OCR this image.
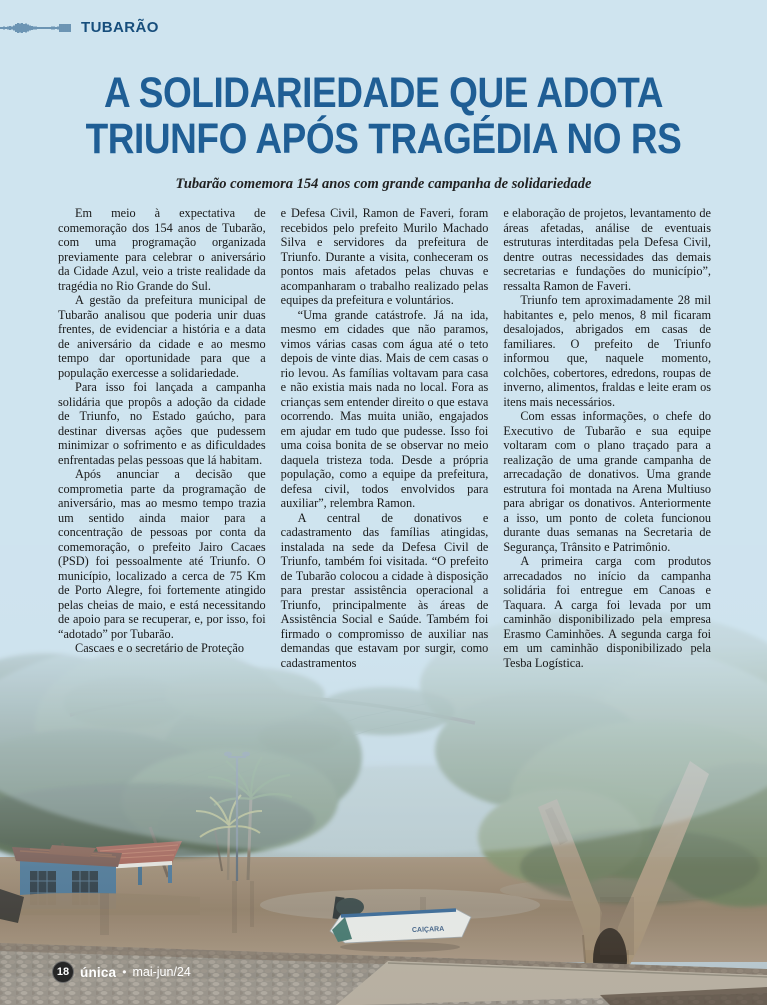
TUBARÃO
A SOLIDARIEDADE QUE ADOTA
TRIUNFO APÓS TRAGÉDIA NO RS
Tubarão comemora 154 anos com grande campanha de solidariedade

Em meio à expectativa de comemoração dos 154 anos de Tubarão, com uma programação organizada previamente para celebrar o aniversário da Cidade Azul, veio a triste realidade da tragédia no Rio Grande do Sul.

A gestão da prefeitura municipal de Tubarão analisou que poderia unir duas frentes, de evidenciar a história e a data de aniversário da cidade e ao mesmo tempo dar oportunidade para que a população exercesse a solidariedade.

Para isso foi lançada a campanha solidária que propôs a adoção da cidade de Triunfo, no Estado gaúcho, para destinar diversas ações que pudessem minimizar o sofrimento e as dificuldades enfrentadas pelas pessoas que lá habitam.

Após anunciar a decisão que comprometia parte da programação de aniversário, mas ao mesmo tempo trazia um sentido ainda maior para a concentração de pessoas por conta da comemoração, o prefeito Jairo Cacaes (PSD) foi pessoalmente até Triunfo. O município, localizado a cerca de 75 Km de Porto Alegre, foi fortemente atingido pelas cheias de maio, e está necessitando de apoio para se recuperar, e, por isso, foi “adotado” por Tubarão.

Cascaes e o secretário de Proteção

e Defesa Civil, Ramon de Faveri, foram recebidos pelo prefeito Murilo Machado Silva e servidores da prefeitura de Triunfo. Durante a visita, conheceram os pontos mais afetados pelas chuvas e acompanharam o trabalho realizado pelas equipes da prefeitura e voluntários.

“Uma grande catástrofe. Já na ida, mesmo em cidades que não paramos, vimos várias casas com água até o teto depois de vinte dias. Mais de cem casas o rio levou. As famílias voltavam para casa e não existia mais nada no local. Fora as crianças sem entender direito o que estava ocorrendo. Mas muita união, engajados em ajudar em tudo que pudesse. Isso foi uma coisa bonita de se observar no meio daquela tristeza toda. Desde a própria população, como a equipe da prefeitura, defesa civil, todos envolvidos para auxiliar”, relembra Ramon.

A central de donativos e cadastramento das famílias atingidas, instalada na sede da Defesa Civil de Triunfo, também foi visitada. “O prefeito de Tubarão colocou a cidade à disposição para prestar assistência operacional a Triunfo, principalmente às áreas de Assistência Social e Saúde. Também foi firmado o compromisso de auxiliar nas demandas que estavam por surgir, como cadastramentos

e elaboração de projetos, levantamento de áreas afetadas, análise de eventuais estruturas interditadas pela Defesa Civil, dentre outras necessidades das demais secretarias e fundações do município”, ressalta Ramon de Faveri.

Triunfo tem aproximadamente 28 mil habitantes e, pelo menos, 8 mil ficaram desalojados, abrigados em casas de familiares. O prefeito de Triunfo informou que, naquele momento, colchões, cobertores, edredons, roupas de inverno, alimentos, fraldas e leite eram os itens mais necessários.

Com essas informações, o chefe do Executivo de Tubarão e sua equipe voltaram com o plano traçado para a realização de uma grande campanha de arrecadação de donativos. Uma grande estrutura foi montada na Arena Multiuso para abrigar os donativos. Anteriormente a isso, um ponto de coleta funcionou durante duas semanas na Secretaria de Segurança, Trânsito e Patrimônio.

A primeira carga com produtos arrecadados no início da campanha solidária foi entregue em Canoas e Taquara. A carga foi levada por um caminhão disponibilizado pela empresa Erasmo Caminhões. A segunda carga foi em um caminhão disponibilizado pela Tesba Logística.

18 única • mai-jun/24
